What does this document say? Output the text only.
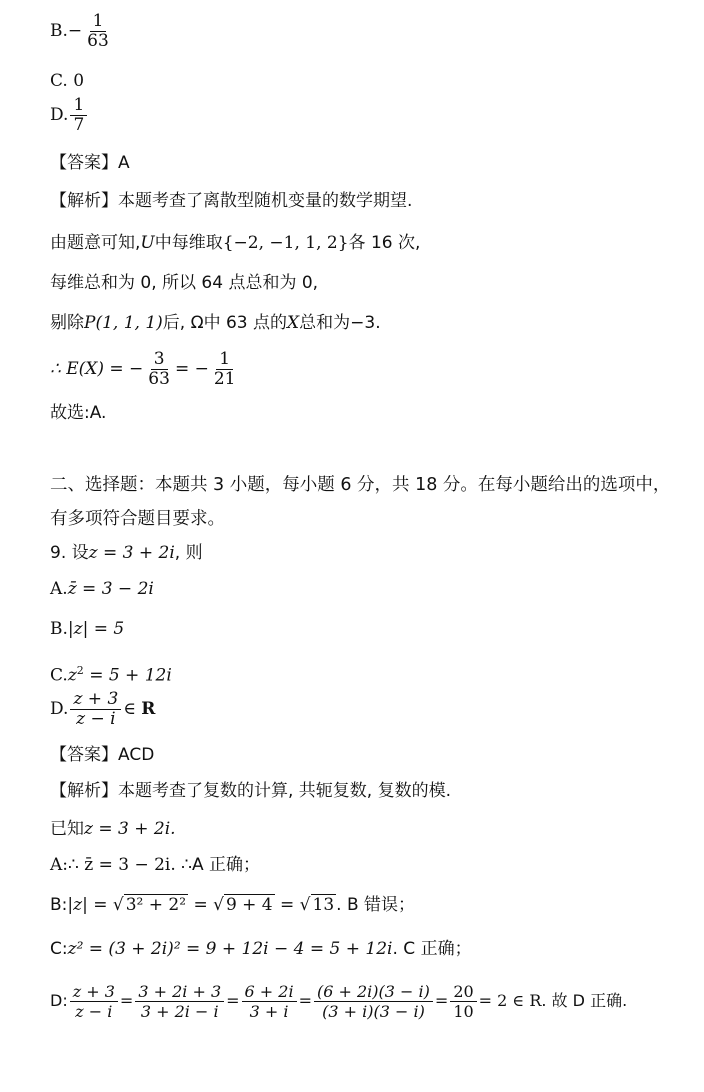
$B.- \frac{1}{63}$
C. 0
D. $\frac{1}{7}$
【答案】A
【解析】本题考查了离散型随机变量的数学期望.
由题意可知,U中每维取{−2, −1, 1, 2}各 16 次,
每维总和为 0, 所以 64 点总和为 0,
剔除P(1, 1, 1)后, Ω中 63 点的X总和为−3.
∴ E(X) = − $\frac{3}{63}$ = − $\frac{1}{21}$
故选:A.
二、选择题：本题共 3 小题，每小题 6 分，共 18 分。在每小题给出的选项中，
有多项符合题目要求。
9. 设z = 3 + 2i, 则
A.z̄ = 3 − 2i
B.|z| = 5
$C.z^2 = 5 + 12i$
D. $\frac{z + 3}{z - i}$ ∈ R
【答案】ACD
【解析】本题考查了复数的计算, 共轭复数, 复数的模.
已知z = 3 + 2i.
A:∴ z̄ = 3 − 2i. ∴A 正确；
B:|z| = √ 3² + 2² = √ 9 + 4 = √ 13 . B 错误；
C:z² = (3 + 2i)² = 9 + 12i − 4 = 5 + 12i. C 正确；
D: $\frac{z + 3}{z - i} = \frac{3 + 2i + 3}{3 + 2i - i} = \frac{6 + 2i}{3 + i} = \frac{(6 + 2i)(3 - i)}{(3 + i)(3 - i)} = \frac{20}{10} = 2$ ∈ R. 故 D 正确.
